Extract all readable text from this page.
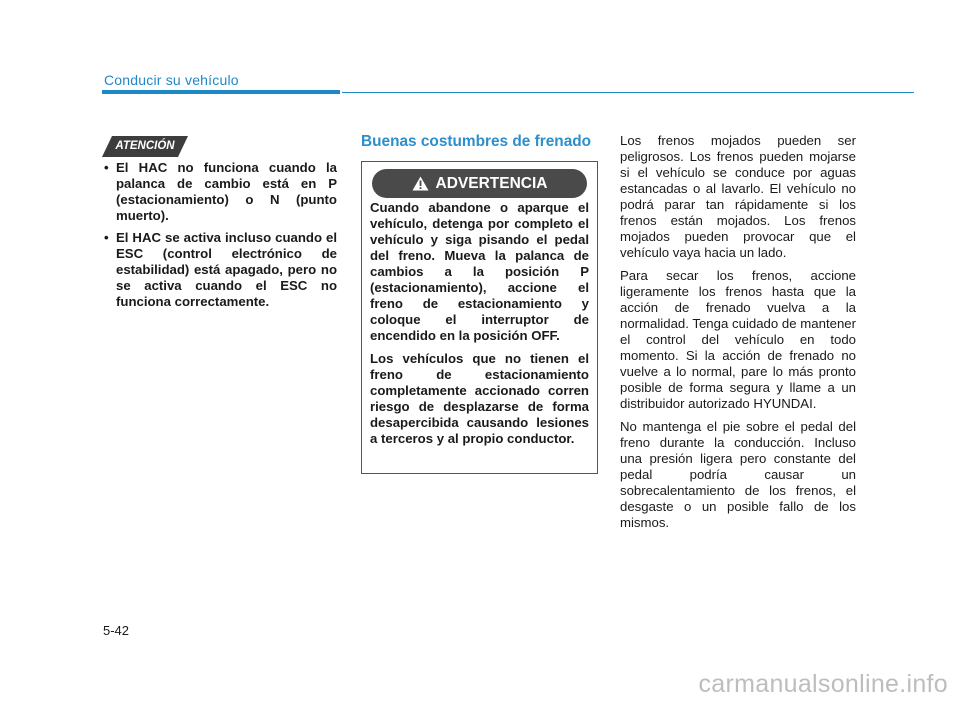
Conducir su vehículo
ATENCIÓN
• El HAC no funciona cuando la palanca de cambio está en P (estacionamiento) o N (punto muerto).
• El HAC se activa incluso cuando el ESC (control electrónico de estabilidad) está apagado, pero no se activa cuando el ESC no funciona correctamente.
Buenas costumbres de frenado
ADVERTENCIA

Cuando abandone o aparque el vehículo, detenga por completo el vehículo y siga pisando el pedal del freno. Mueva la palanca de cambios a la posición P (estacionamiento), accione el freno de estacionamiento y coloque el interruptor de encendido en la posición OFF.

Los vehículos que no tienen el freno de estacionamiento completamente accionado corren riesgo de desplazarse de forma desapercibida causando lesiones a terceros y al propio conductor.

Los frenos mojados pueden ser peligrosos. Los frenos pueden mojarse si el vehículo se conduce por aguas estancadas o al lavarlo. El vehículo no podrá parar tan rápidamente si los frenos están mojados. Los frenos mojados pueden provocar que el vehículo vaya hacia un lado.

Para secar los frenos, accione ligeramente los frenos hasta que la acción de frenado vuelva a la normalidad. Tenga cuidado de mantener el control del vehículo en todo momento. Si la acción de frenado no vuelve a lo normal, pare lo más pronto posible de forma segura y llame a un distribuidor autorizado HYUNDAI.

No mantenga el pie sobre el pedal del freno durante la conducción. Incluso una presión ligera pero constante del pedal podría causar un sobrecalentamiento de los frenos, el desgaste o un posible fallo de los mismos.

5-42
carmanualsonline.info
